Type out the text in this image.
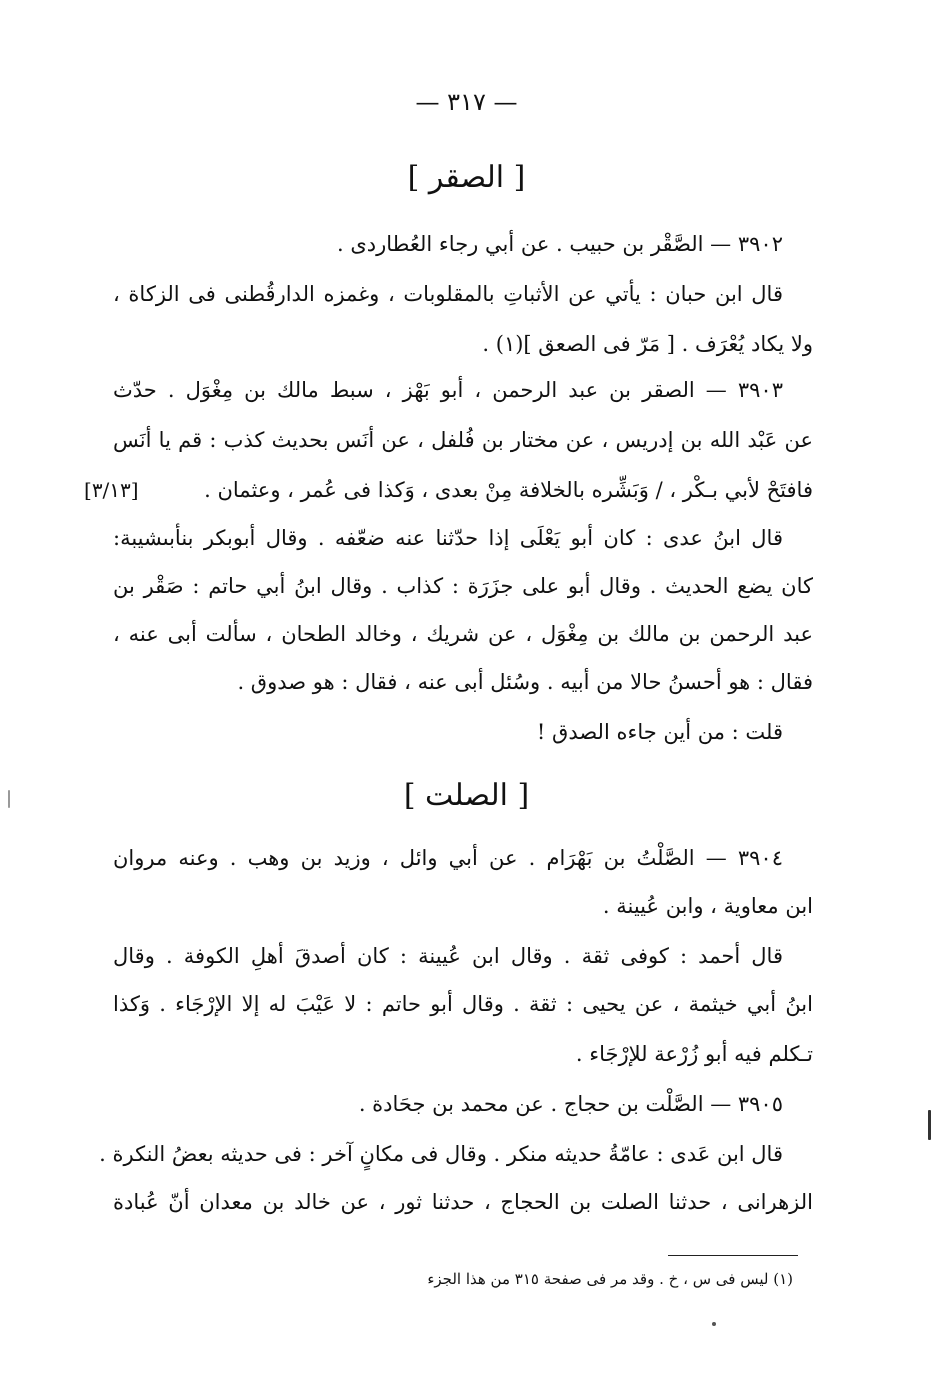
— ٣١٧ —
[ الصقر ]
٣٩٠٢ — الصَّقْر بن حبيب . عن أبي رجاء العُطاردى .
قال ابن حبان : يأتي عن الأثباتِ بالمقلوبات ، وغمزه الدارقُطنى فى الزكاة ،
ولا يكاد يُعْرَف . [ مَرّ فى الصعق ](١) .
٣٩٠٣ — الصقر بن عبد الرحمن ، أبو بَهْز ، سبط مالك بن مِغْوَل . حدّث
عن عَبْد الله بن إدريس ، عن مختار بن فُلفل ، عن أنَس بحديث كذب : قم يا أنَس
فافتَحْ لأبي بـكْر ، / وَبَشِّره بالخلافة مِنْ بعدى ، وَكذا فى عُمر ، وعثمان .
[٣/١٣]
قال ابنُ عدى : كان أبو يَعْلَى إذا حدّثنا عنه ضعّفه . وقال أبوبكر بنأبىشيبة:
كان يضع الحديث . وقال أبو على جزَرَة : كذاب . وقال ابنُ أبي حاتم : صَقْر بن
عبد الرحمن بن مالك بن مِغْوَل ، عن شريك ، وخالد الطحان ، سألت أبى عنه ،
فقال : هو أحسنُ حالا من أبيه . وسُئل أبى عنه ، فقال : هو صدوق .
قلت : من أين جاءه الصدق !
[ الصلت ]
٣٩٠٤ — الصَّلْتُ بن بَهْرَام . عن أبي وائل ، وزيد بن وهب . وعنه مروان
ابن معاوية ، وابن عُيينة .
قال أحمد : كوفى ثقة . وقال ابن عُيينة : كان أصدقَ أهلِ الكوفة . وقال
ابنُ أبي خيثمة ، عن يحيى : ثقة . وقال أبو حاتم : لا عَيْبَ له إلا الإرْجَاء . وَكذا
تـكلم فيه أبو زُرْعة للإرْجَاء .
٣٩٠٥ — الصَّلْت بن حجاج . عن محمد بن جحَادة .
قال ابن عَدى : عامّةُ حديثه منكر . وقال فى مكانٍ آخر : فى حديثه بعضُ النكرة .
الزهرانى ، حدثنا الصلت بن الحجاج ، حدثنا ثور ، عن خالد بن معدان أنّ عُبادة
(١) ليس فى س ، خ . وقد مر فى صفحة ٣١٥ من هذا الجزء
